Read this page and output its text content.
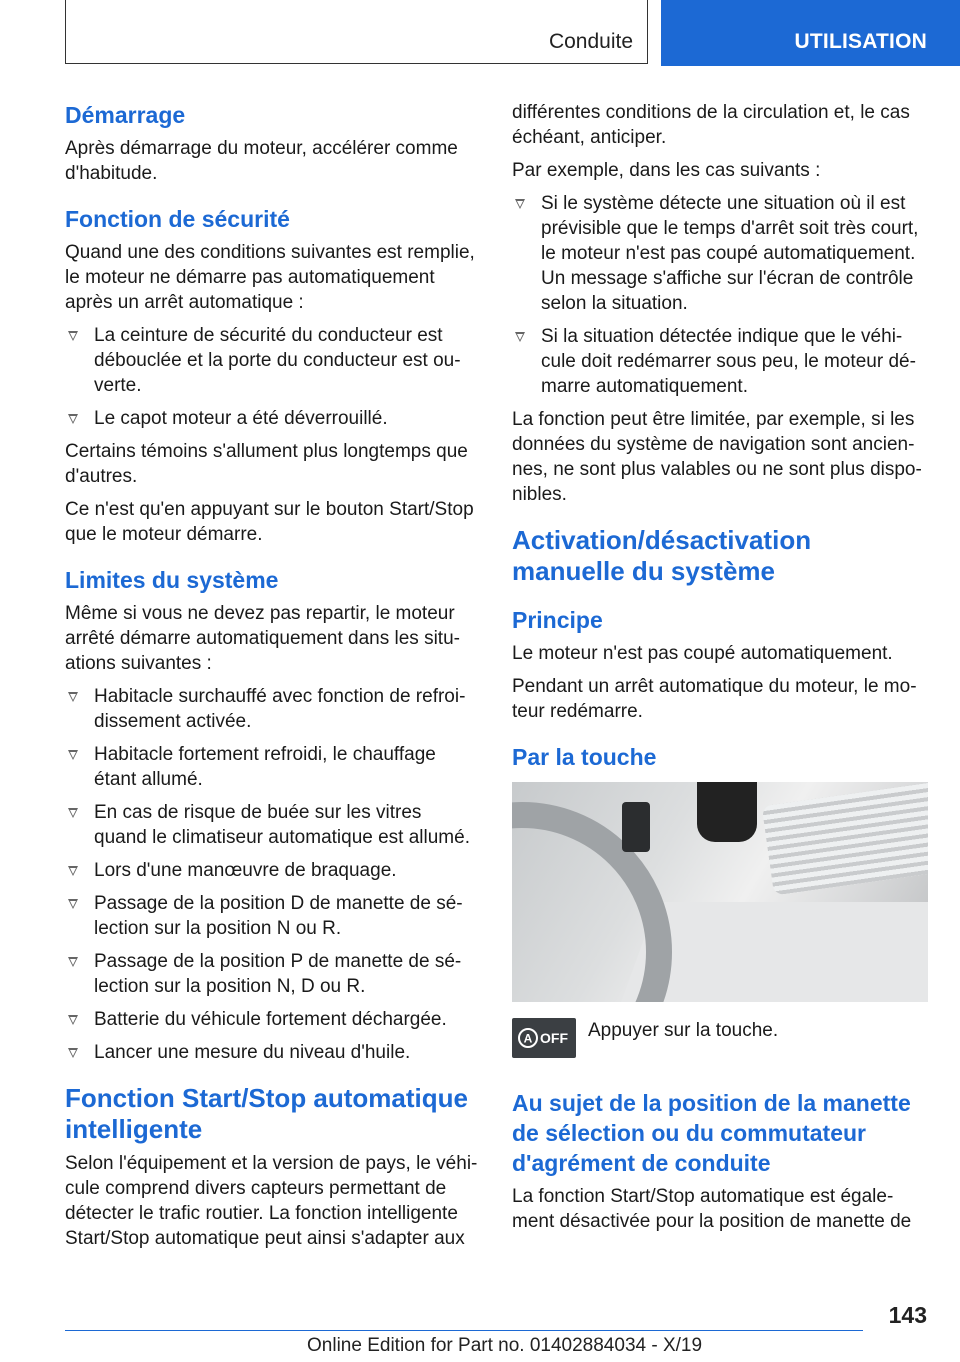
Conduite	UTILISATION
Démarrage

Après démarrage du moteur, accélérer comme d'habitude.

Fonction de sécurité

Quand une des conditions suivantes est remplie, le moteur ne démarre pas automatiquement après un arrêt automatique :

La ceinture de sécurité du conducteur est débouclée et la porte du conducteur est ou-verte.
Le capot moteur a été déverrouillé.

Certains témoins s'allument plus longtemps que d'autres.

Ce n'est qu'en appuyant sur le bouton Start/Stop que le moteur démarre.

Limites du système

Même si vous ne devez pas repartir, le moteur arrêté démarre automatiquement dans les situ-ations suivantes :

Habitacle surchauffé avec fonction de refroi-dissement activée.
Habitacle fortement refroidi, le chauffage étant allumé.
En cas de risque de buée sur les vitres quand le climatiseur automatique est allumé.
Lors d'une manœuvre de braquage.
Passage de la position D de manette de sé-lection sur la position N ou R.
Passage de la position P de manette de sé-lection sur la position N, D ou R.
Batterie du véhicule fortement déchargée.
Lancer une mesure du niveau d'huile.
Fonction Start/Stop automatique intelligente

Selon l'équipement et la version de pays, le véhi-cule comprend divers capteurs permettant de détecter le trafic routier. La fonction intelligente Start/Stop automatique peut ainsi s'adapter aux

différentes conditions de la circulation et, le cas échéant, anticiper.

Par exemple, dans les cas suivants :

Si le système détecte une situation où il est prévisible que le temps d'arrêt soit très court, le moteur n'est pas coupé automatiquement. Un message s'affiche sur l'écran de contrôle selon la situation.
Si la situation détectée indique que le véhi-cule doit redémarrer sous peu, le moteur dé-marre automatiquement.

La fonction peut être limitée, par exemple, si les données du système de navigation sont ancien-nes, ne sont plus valables ou ne sont plus dispo-nibles.

Activation/désactivation manuelle du système
Principe

Le moteur n'est pas coupé automatiquement.

Pendant un arrêt automatique du moteur, le mo-teur redémarre.

Par la touche
A OFF Appuyer sur la touche.

Au sujet de la position de la manette de sélection ou du commutateur d'agrément de conduite

La fonction Start/Stop automatique est égale-ment désactivée pour la position de manette de

143
Online Edition for Part no. 01402884034 - X/19
